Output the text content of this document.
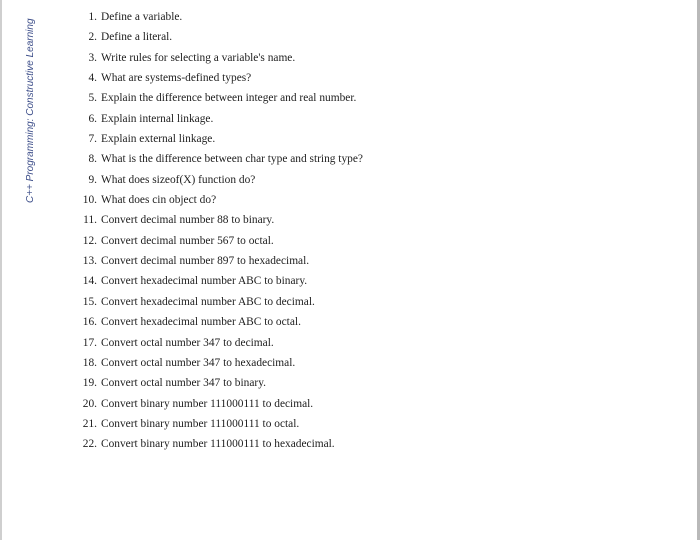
C++ Programming: Constructive Learning
1. Define a variable.
2. Define a literal.
3. Write rules for selecting a variable's name.
4. What are systems-defined types?
5. Explain the difference between integer and real number.
6. Explain internal linkage.
7. Explain external linkage.
8. What is the difference between char type and string type?
9. What does sizeof(X) function do?
10. What does cin object do?
11. Convert decimal number 88 to binary.
12. Convert decimal number 567 to octal.
13. Convert decimal number 897 to hexadecimal.
14. Convert hexadecimal number ABC to binary.
15. Convert hexadecimal number ABC to decimal.
16. Convert hexadecimal number ABC to octal.
17. Convert octal number 347 to decimal.
18. Convert octal number 347 to hexadecimal.
19. Convert octal number 347 to binary.
20. Convert binary number 111000111 to decimal.
21. Convert binary number 111000111 to octal.
22. Convert binary number 111000111 to hexadecimal.
